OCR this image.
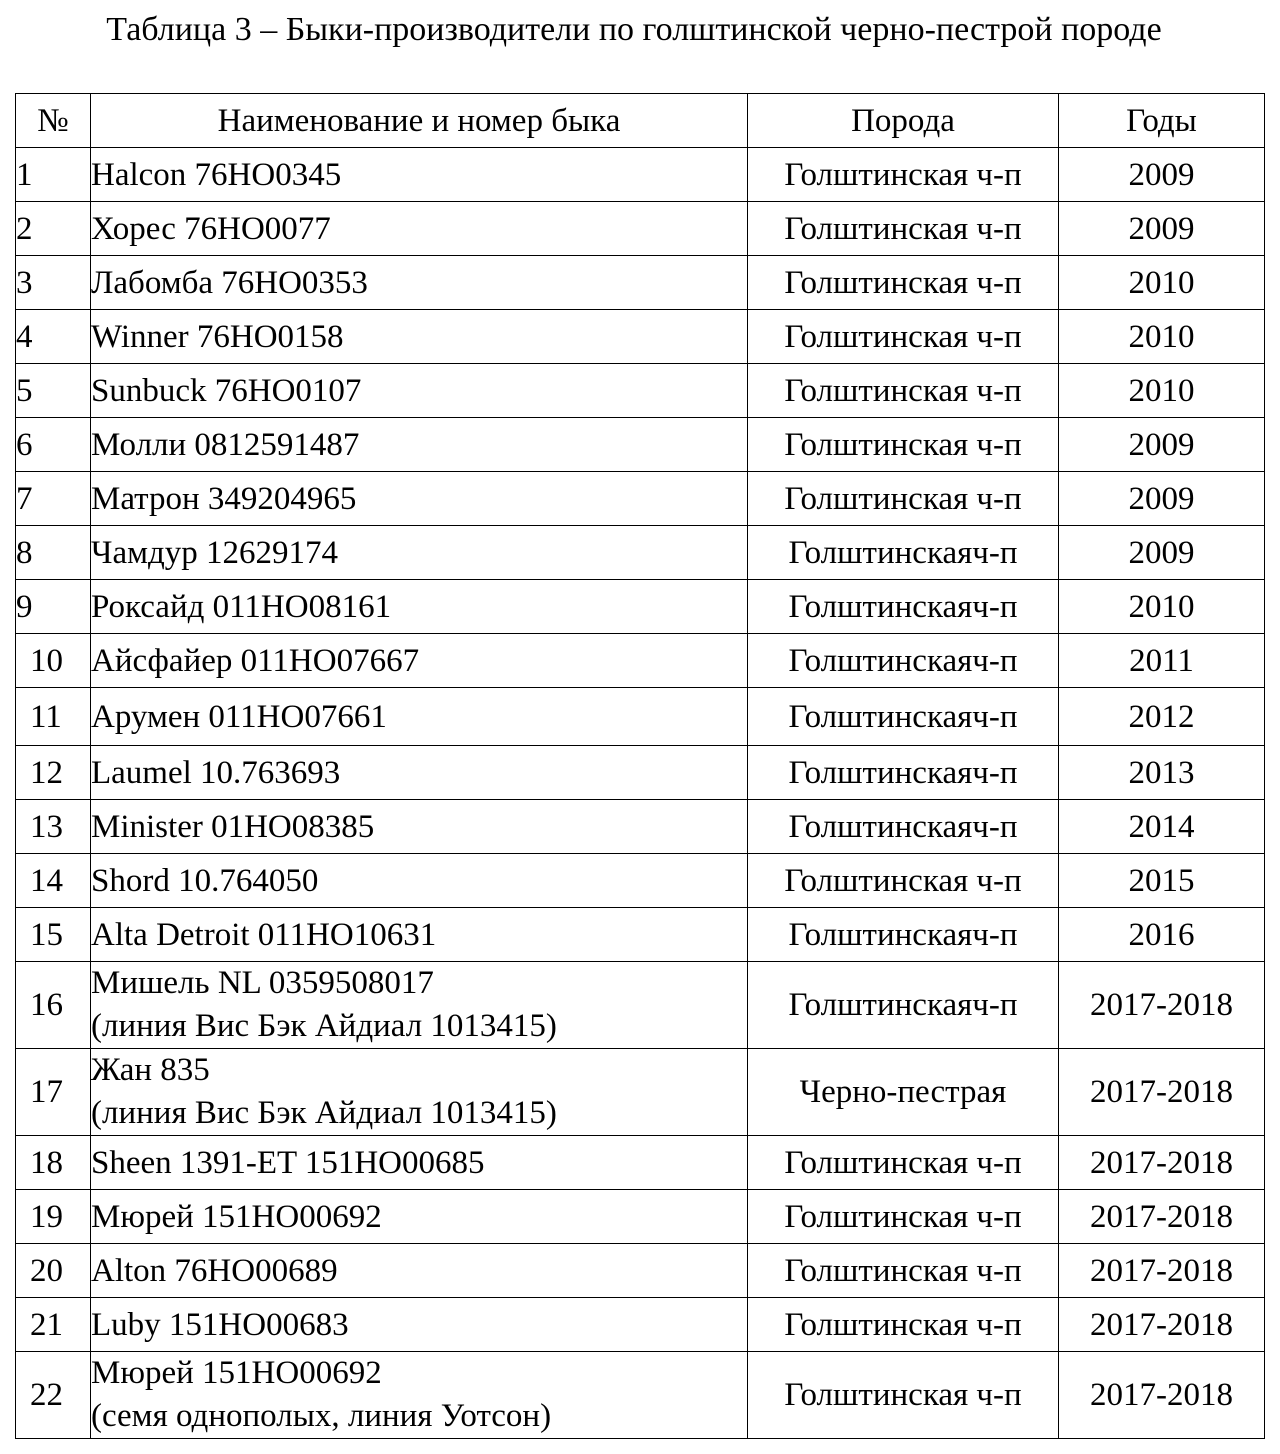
Таблица 3 – Быки-производители по голштинской черно-пестрой породе
№	Наименование и номер быка	Порода	Годы
1	Halcon 76НО0345	Голштинская ч-п	2009
2	Хорес 76НО0077	Голштинская ч-п	2009
3	Лабомба 76НО0353	Голштинская ч-п	2010
4	Winner 76НО0158	Голштинская ч-п	2010
5	Sunbuck 76НО0107	Голштинская ч-п	2010
6	Молли 0812591487	Голштинская ч-п	2009
7	Матрон 349204965	Голштинская ч-п	2009
8	Чамдур 12629174	Голштинскаяч-п	2009
9	Роксайд 011НО08161	Голштинскаяч-п	2010
10	Айсфайер 011НО07667	Голштинскаяч-п	2011
11	Арумен 011НО07661	Голштинскаяч-п	2012
12	Laumel 10.763693	Голштинскаяч-п	2013
13	Minister 01НО08385	Голштинскаяч-п	2014
14	Shord 10.764050	Голштинская ч-п	2015
15	Alta Detroit 011НО10631	Голштинскаяч-п	2016
16	Мишель NL 0359508017
(линия Вис Бэк Айдиал 1013415)	Голштинскаяч-п	2017-2018
17	Жан 835
(линия Вис Бэк Айдиал 1013415)	Черно-пестрая	2017-2018
18	Sheen 1391-ET 151НО00685	Голштинская ч-п	2017-2018
19	Мюрей 151НО00692	Голштинская ч-п	2017-2018
20	Alton 76НО00689	Голштинская ч-п	2017-2018
21	Luby 151НО00683	Голштинская ч-п	2017-2018
22	Мюрей 151НО00692
(семя однополых, линия Уотсон)	Голштинская ч-п	2017-2018
